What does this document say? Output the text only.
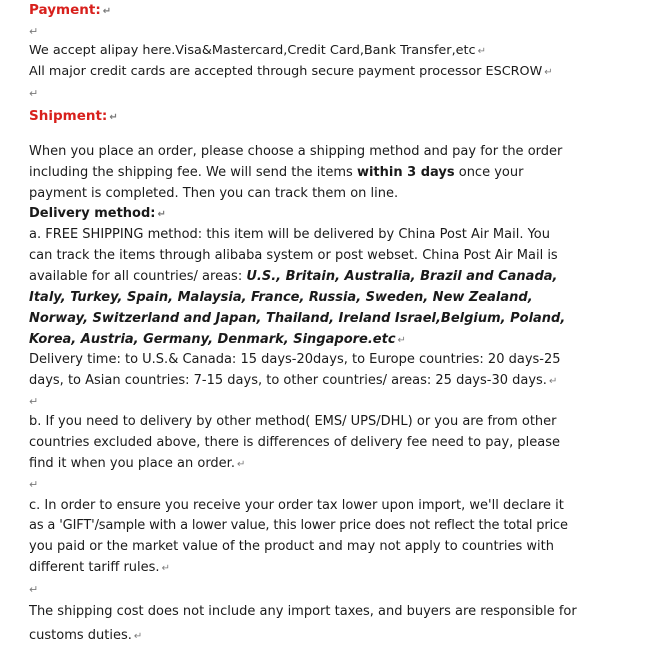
Payment: ↵
↵
We accept alipay here.Visa&Mastercard,Credit Card,Bank Transfer,etc ↵
All major credit cards are accepted through secure payment processor ESCROW ↵
↵
Shipment: ↵
When you place an order, please choose a shipping method and pay for the order
including the shipping fee. We will send the items within 3 days once your
payment is completed. Then you can track them on line.
Delivery method: ↵
a. FREE SHIPPING method: this item will be delivered by China Post Air Mail. You
can track the items through alibaba system or post webset. China Post Air Mail is
available for all countries/ areas: U.S., Britain, Australia, Brazil and Canada,
Italy, Turkey, Spain, Malaysia, France, Russia, Sweden, New Zealand,
Norway, Switzerland and Japan, Thailand, Ireland Israel,Belgium, Poland,
Korea, Austria, Germany, Denmark, Singapore.etc ↵
Delivery time: to U.S.& Canada: 15 days-20days, to Europe countries: 20 days-25
days, to Asian countries: 7-15 days, to other countries/ areas: 25 days-30 days. ↵
↵
b. If you need to delivery by other method( EMS/ UPS/DHL) or you are from other
countries excluded above, there is differences of delivery fee need to pay, please
find it when you place an order. ↵
↵
c. In order to ensure you receive your order tax lower upon import, we'll declare it
as a 'GIFT'/sample with a lower value, this lower price does not reflect the total price
you paid or the market value of the product and may not apply to countries with
different tariff rules. ↵
↵
The shipping cost does not include any import taxes, and buyers are responsible for
customs duties. ↵
